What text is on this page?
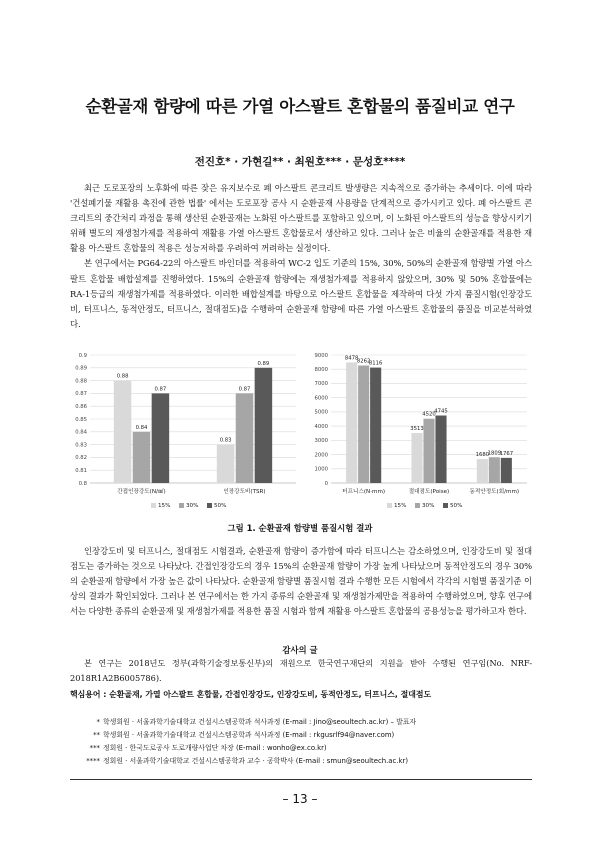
순환골재 함량에 따른 가열 아스팔트 혼합물의 품질비교 연구
전진호* · 가현길** · 최원호*** · 문성호****

최근 도로포장의 노후화에 따른 잦은 유지보수로 폐 아스팔트 콘크리트 발생량은 지속적으로 증가하는 추세이다. 이에 따라 '건설폐기물 재활용 촉진에 관한 법률' 에서는 도로포장 공사 시 순환골재 사용량을 단계적으로 증가시키고 있다. 폐 아스팔트 콘크리트의 중간처리 과정을 통해 생산된 순환골재는 노화된 아스팔트를 포함하고 있으며, 이 노화된 아스팔트의 성능을 향상시키기 위해 별도의 재생첨가제를 적용하여 재활용 가열 아스팔트 혼합물로서 생산하고 있다. 그러나 높은 비율의 순환골재를 적용한 재활용 아스팔트 혼합물의 적용은 성능저하를 우려하여 꺼려하는 실정이다.

본 연구에서는 PG64-22의 아스팔트 바인더를 적용하여 WC-2 입도 기준의 15%, 30%, 50%의 순환골재 함량별 가열 아스팔트 혼합물 배합설계를 진행하였다. 15%의 순환골재 함량에는 재생첨가제를 적용하지 않았으며, 30% 및 50% 혼합물에는 RA-1등급의 재생첨가제를 적용하였다. 이러한 배합설계를 바탕으로 아스팔트 혼합물을 제작하여 다섯 가지 품질시험(인장강도비, 터프니스, 동적안정도, 터프니스, 절대점도)을 수행하여 순환골재 함량에 따른 가열 아스팔트 혼합물의 품질을 비교분석하였다.

0.8
0.81
0.82
0.83
0.84
0.85
0.86
0.87
0.88
0.89
0.9
0.88
0.84
0.87
간접인장강도(N/㎟)
0.83
0.87
0.89
인장강도비(TSR)
15%	30%	50%
0
1000
2000
3000
4000
5000
6000
7000
8000
9000	8478
8262
8116
터프니스(N·mm)
3513
4520
4745
절대점도(Poise)
1680
1809
1767
동적안정도(회/mm)
15%	30%	50%
그림 1. 순환골재 함량별 품질시험 결과

인장강도비 및 터프니스, 절대점도 시험결과, 순환골재 함량이 증가함에 따라 터프니스는 감소하였으며, 인장강도비 및 절대점도는 증가하는 것으로 나타났다. 간접인장강도의 경우 15%의 순환골재 함량이 가장 높게 나타났으며 동적안정도의 경우 30%의 순환골재 함량에서 가장 높은 값이 나타났다. 순환골재 함량별 품질시험 결과 수행한 모든 시험에서 각각의 시험별 품질기준 이상의 결과가 확인되었다. 그러나 본 연구에서는 한 가지 종류의 순환골재 및 재생첨가제만을 적용하여 수행하였으며, 향후 연구에서는 다양한 종류의 순환골재 및 재생첨가제를 적용한 품질 시험과 함께 재활용 아스팔트 혼합물의 공용성능을 평가하고자 한다.

감사의 글
본 연구는 2018년도 정부(과학기술정보통신부)의 재원으로 한국연구재단의 지원을 받아 수행된 연구임(No. NRF-2018R1A2B6005786).
핵심용어 : 순환골재, 가열 아스팔트 혼합물, 간접인장강도, 인장강도비, 동적안정도, 터프니스, 절대점도
* 학생회원 · 서울과학기술대학교 건설시스템공학과 석사과정 (E-mail : Jino@seoultech.ac.kr) – 발표자
** 학생회원 · 서울과학기술대학교 건설시스템공학과 석사과정 (E-mail : rkgusrlf94@naver.com)
*** 정회원 · 한국도로공사 도로개량사업단 차장 (E-mail : wonho@ex.co.kr)
**** 정회원 · 서울과학기술대학교 건설시스템공학과 교수 · 공학박사 (E-mail : smun@seoultech.ac.kr)
– 13 –
